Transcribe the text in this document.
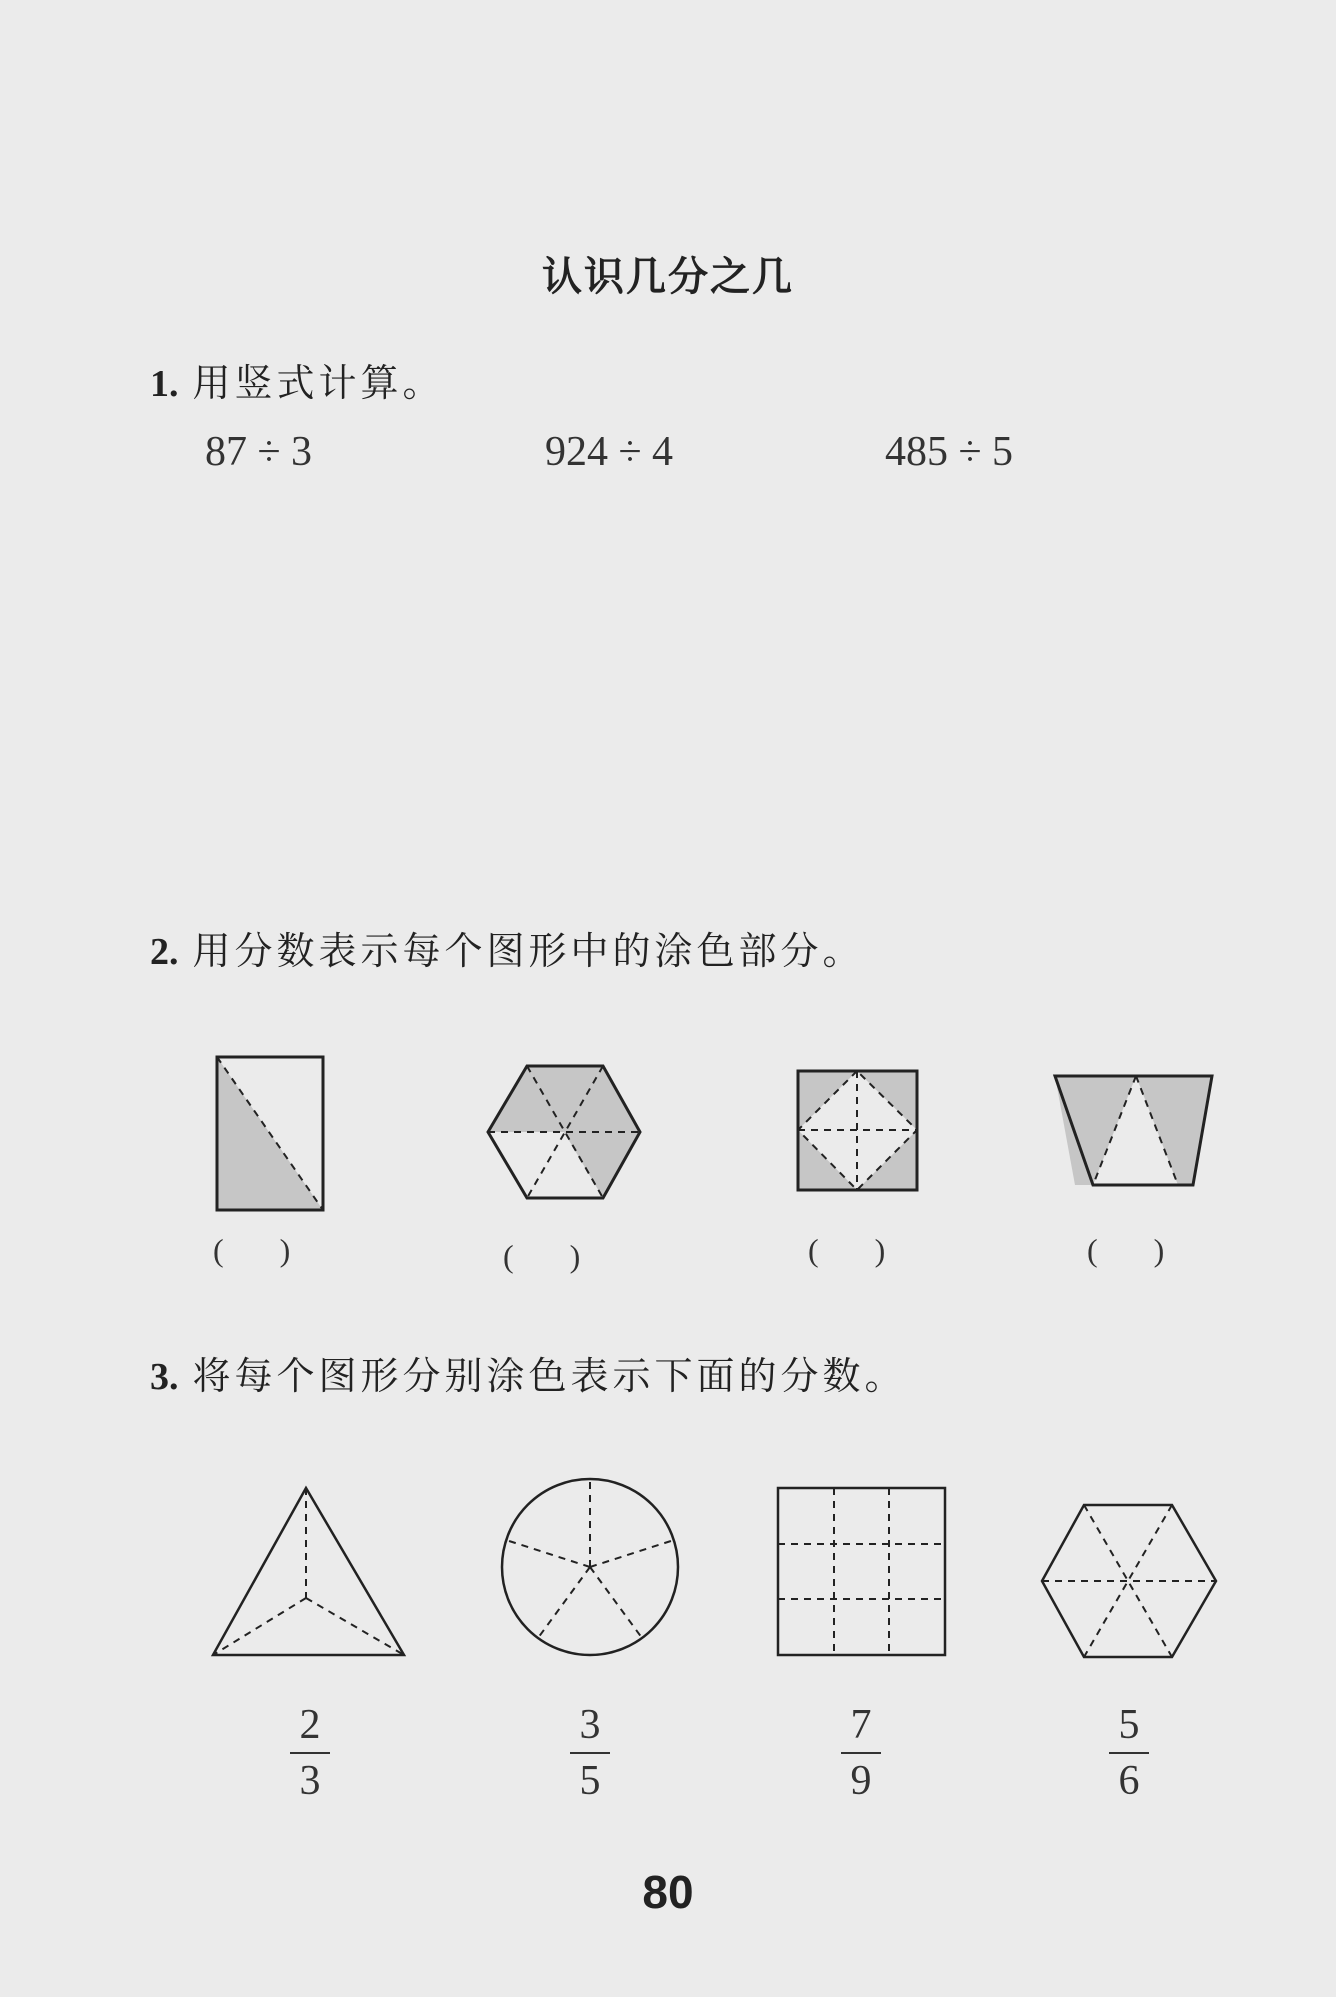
认识几分之几
1. 用竖式计算。
87 ÷ 3	924 ÷ 4	485 ÷ 5
2. 用分数表示每个图形中的涂色部分。
(       )	(       )	(       )	(       )
3. 将每个图形分别涂色表示下面的分数。
2
3
3
5
7
9
5
6
80
